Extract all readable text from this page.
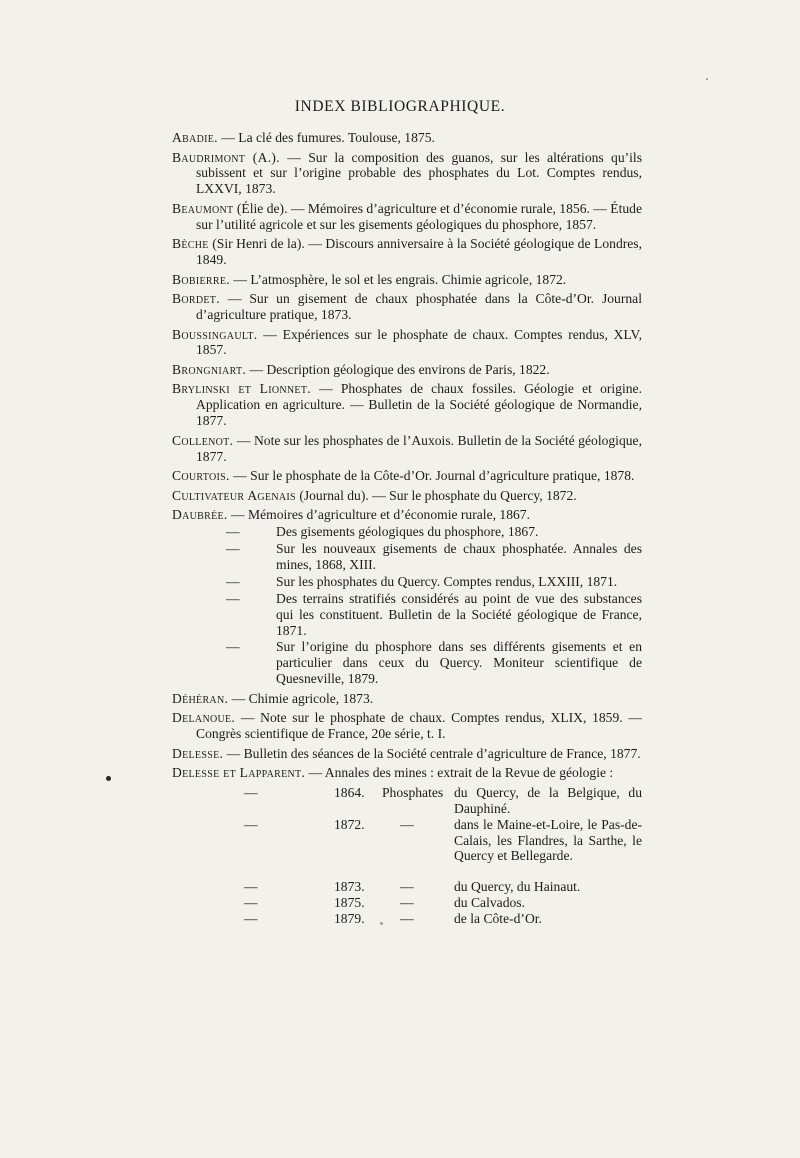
INDEX BIBLIOGRAPHIQUE.
Abadie. — La clé des fumures. Toulouse, 1875.
Baudrimont (A.). — Sur la composition des guanos, sur les altérations qu’ils subissent et sur l’origine probable des phosphates du Lot. Comptes rendus, LXXVI, 1873.
Beaumont (Élie de). — Mémoires d’agriculture et d’économie rurale, 1856. — Étude sur l’utilité agricole et sur les gisements géologiques du phosphore, 1857.
Bèche (Sir Henri de la). — Discours anniversaire à la Société géologique de Londres, 1849.
Bobierre. — L’atmosphère, le sol et les engrais. Chimie agricole, 1872.
Bordet. — Sur un gisement de chaux phosphatée dans la Côte-d’Or. Journal d’agriculture pratique, 1873.
Boussingault. — Expériences sur le phosphate de chaux. Comptes rendus, XLV, 1857.
Brongniart. — Description géologique des environs de Paris, 1822.
Brylinski et Lionnet. — Phosphates de chaux fossiles. Géologie et origine. Application en agriculture. — Bulletin de la Société géologique de Normandie, 1877.
Collenot. — Note sur les phosphates de l’Auxois. Bulletin de la Société géologique, 1877.
Courtois. — Sur le phosphate de la Côte-d’Or. Journal d’agriculture pratique, 1878.
Cultivateur Agenais (Journal du). — Sur le phosphate du Quercy, 1872.
Daubrée. — Mémoires d’agriculture et d’économie rurale, 1867.
—	Des gisements géologiques du phosphore, 1867.
—	Sur les nouveaux gisements de chaux phosphatée. Annales des mines, 1868, XIII.
—	Sur les phosphates du Quercy. Comptes rendus, LXXIII, 1871.
—	Des terrains stratifiés considérés au point de vue des substances qui les constituent. Bulletin de la Société géologique de France, 1871.
—	Sur l’origine du phosphore dans ses différents gisements et en particulier dans ceux du Quercy. Moniteur scientifique de Quesneville, 1879.
Déhéran. — Chimie agricole, 1873.
Delanoue. — Note sur le phosphate de chaux. Comptes rendus, XLIX, 1859. — Congrès scientifique de France, 20e série, t. I.
Delesse. — Bulletin des séances de la Société centrale d’agriculture de France, 1877.
Delesse et Lapparent. — Annales des mines : extrait de la Revue de géologie :
—	1864. Phosphates du Quercy, de la Belgique, du Dauphiné.
—	1872.	—	dans le Maine-et-Loire, le Pas-de-Calais, les Flandres, la Sarthe, le Quercy et Bellegarde.
—	1873.	—	du Quercy, du Hainaut.
—	1875.	—	du Calvados.
—	1879.	—	de la Côte-d’Or.
